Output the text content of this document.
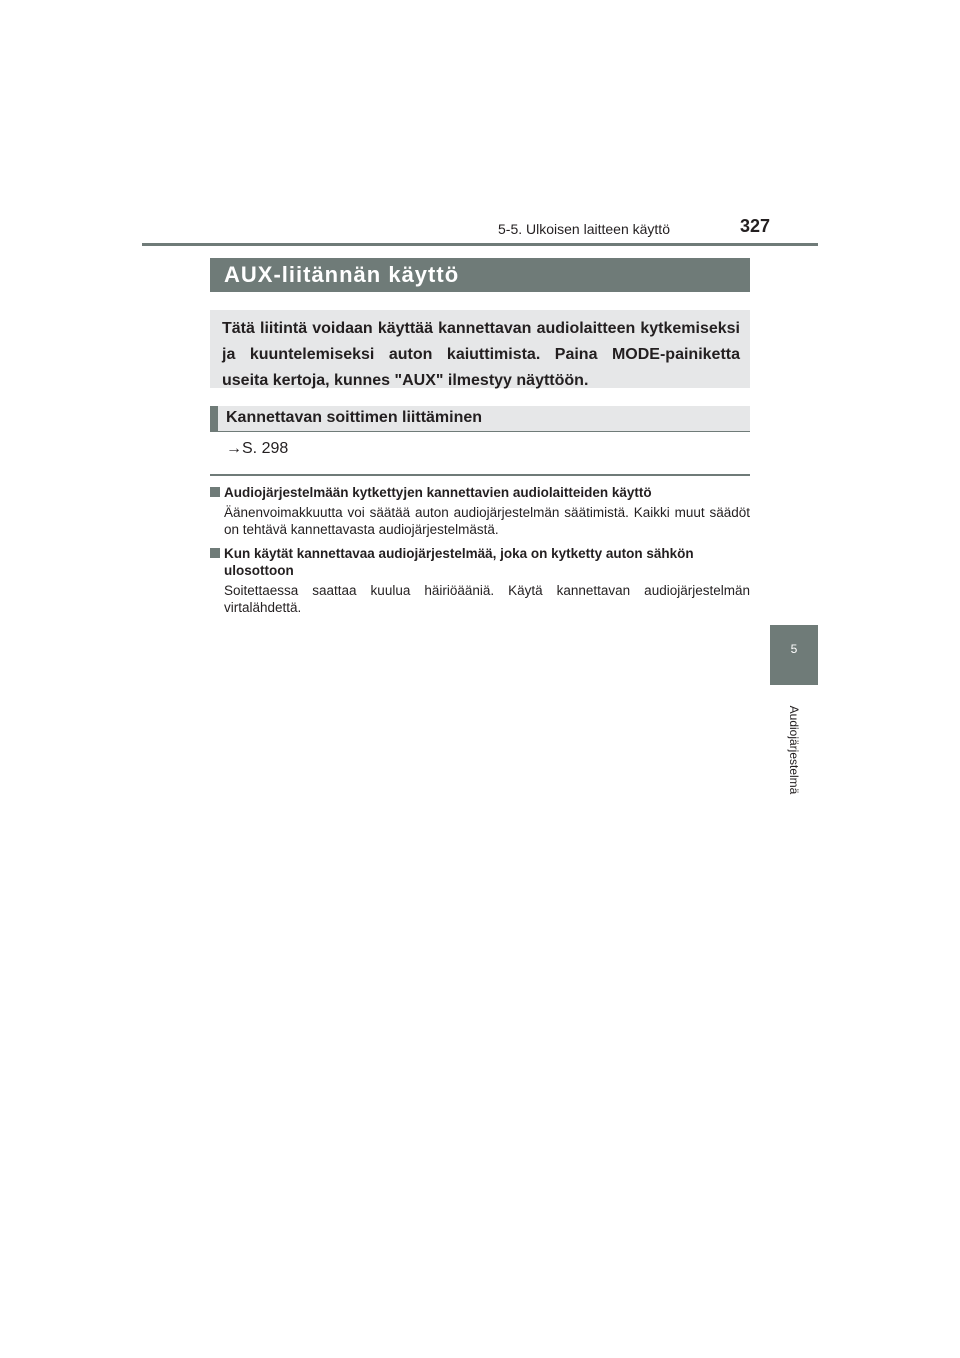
5-5. Ulkoisen laitteen käyttö	327
AUX-liitännän käyttö
Tätä liitintä voidaan käyttää kannettavan audiolaitteen kytkemiseksi ja kuuntelemiseksi auton kaiuttimista. Paina MODE-painiketta useita kertoja, kunnes "AUX" ilmestyy näyttöön.
Kannettavan soittimen liittäminen
→S. 298
Audiojärjestelmään kytkettyjen kannettavien audiolaitteiden käyttö
Äänenvoimakkuutta voi säätää auton audiojärjestelmän säätimistä. Kaikki muut säädöt on tehtävä kannettavasta audiojärjestelmästä.
Kun käytät kannettavaa audiojärjestelmää, joka on kytketty auton sähkön ulosottoon
Soitettaessa saattaa kuulua häiriöääniä. Käytä kannettavan audiojärjestelmän virtalähdettä.
5
Audiojärjestelmä
